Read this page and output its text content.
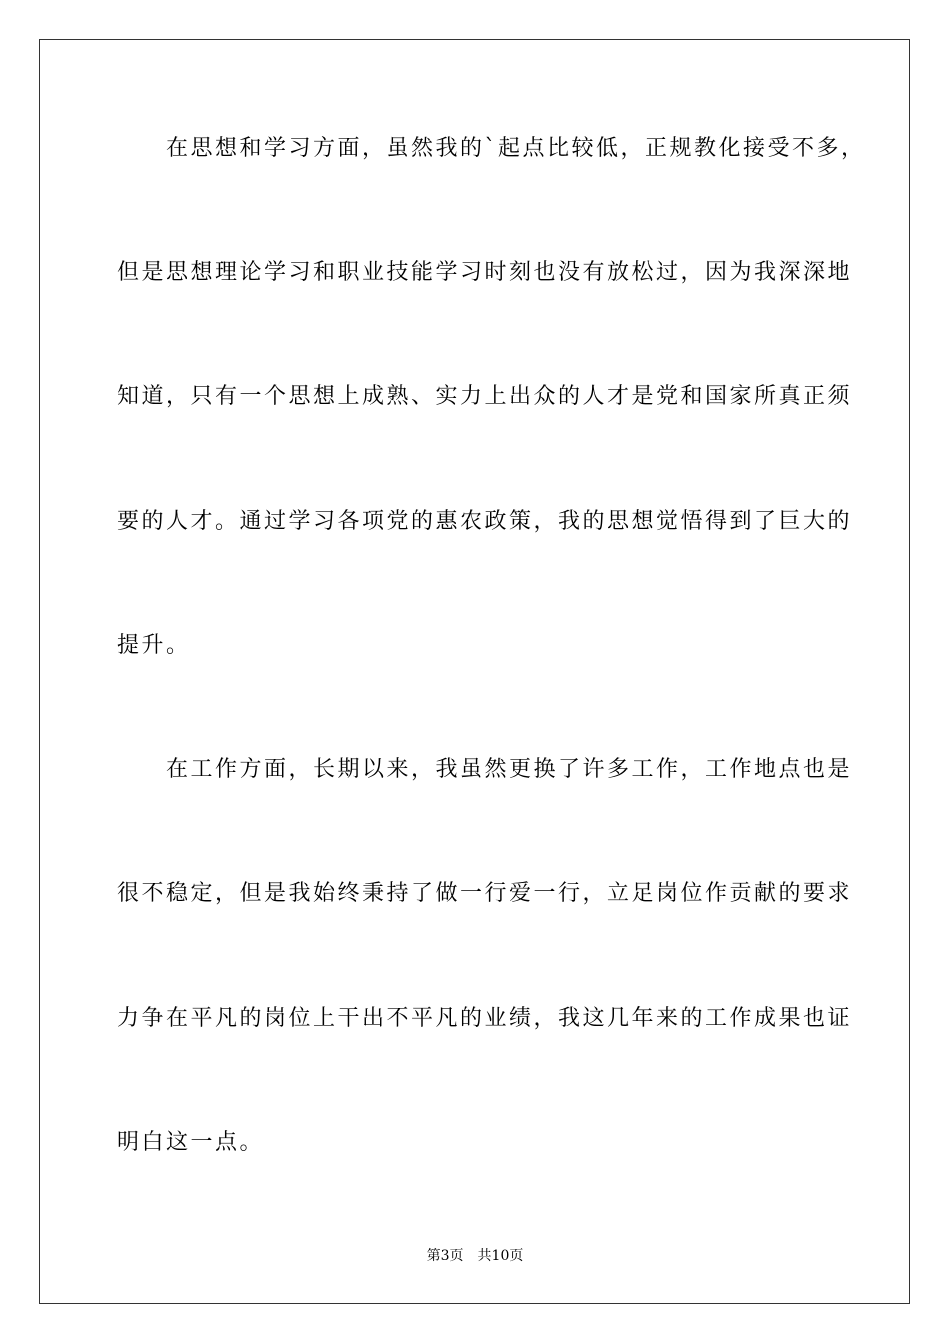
　　在思想和学习方面，虽然我的`起点比较低，正规教化接受不多，
但是思想理论学习和职业技能学习时刻也没有放松过，因为我深深地
知道，只有一个思想上成熟、实力上出众的人才是党和国家所真正须
要的人才。通过学习各项党的惠农政策，我的思想觉悟得到了巨大的
提升。
　　在工作方面，长期以来，我虽然更换了许多工作，工作地点也是
很不稳定，但是我始终秉持了做一行爱一行，立足岗位作贡献的要求
力争在平凡的岗位上干出不平凡的业绩，我这几年来的工作成果也证
明白这一点。
第3页 共10页
